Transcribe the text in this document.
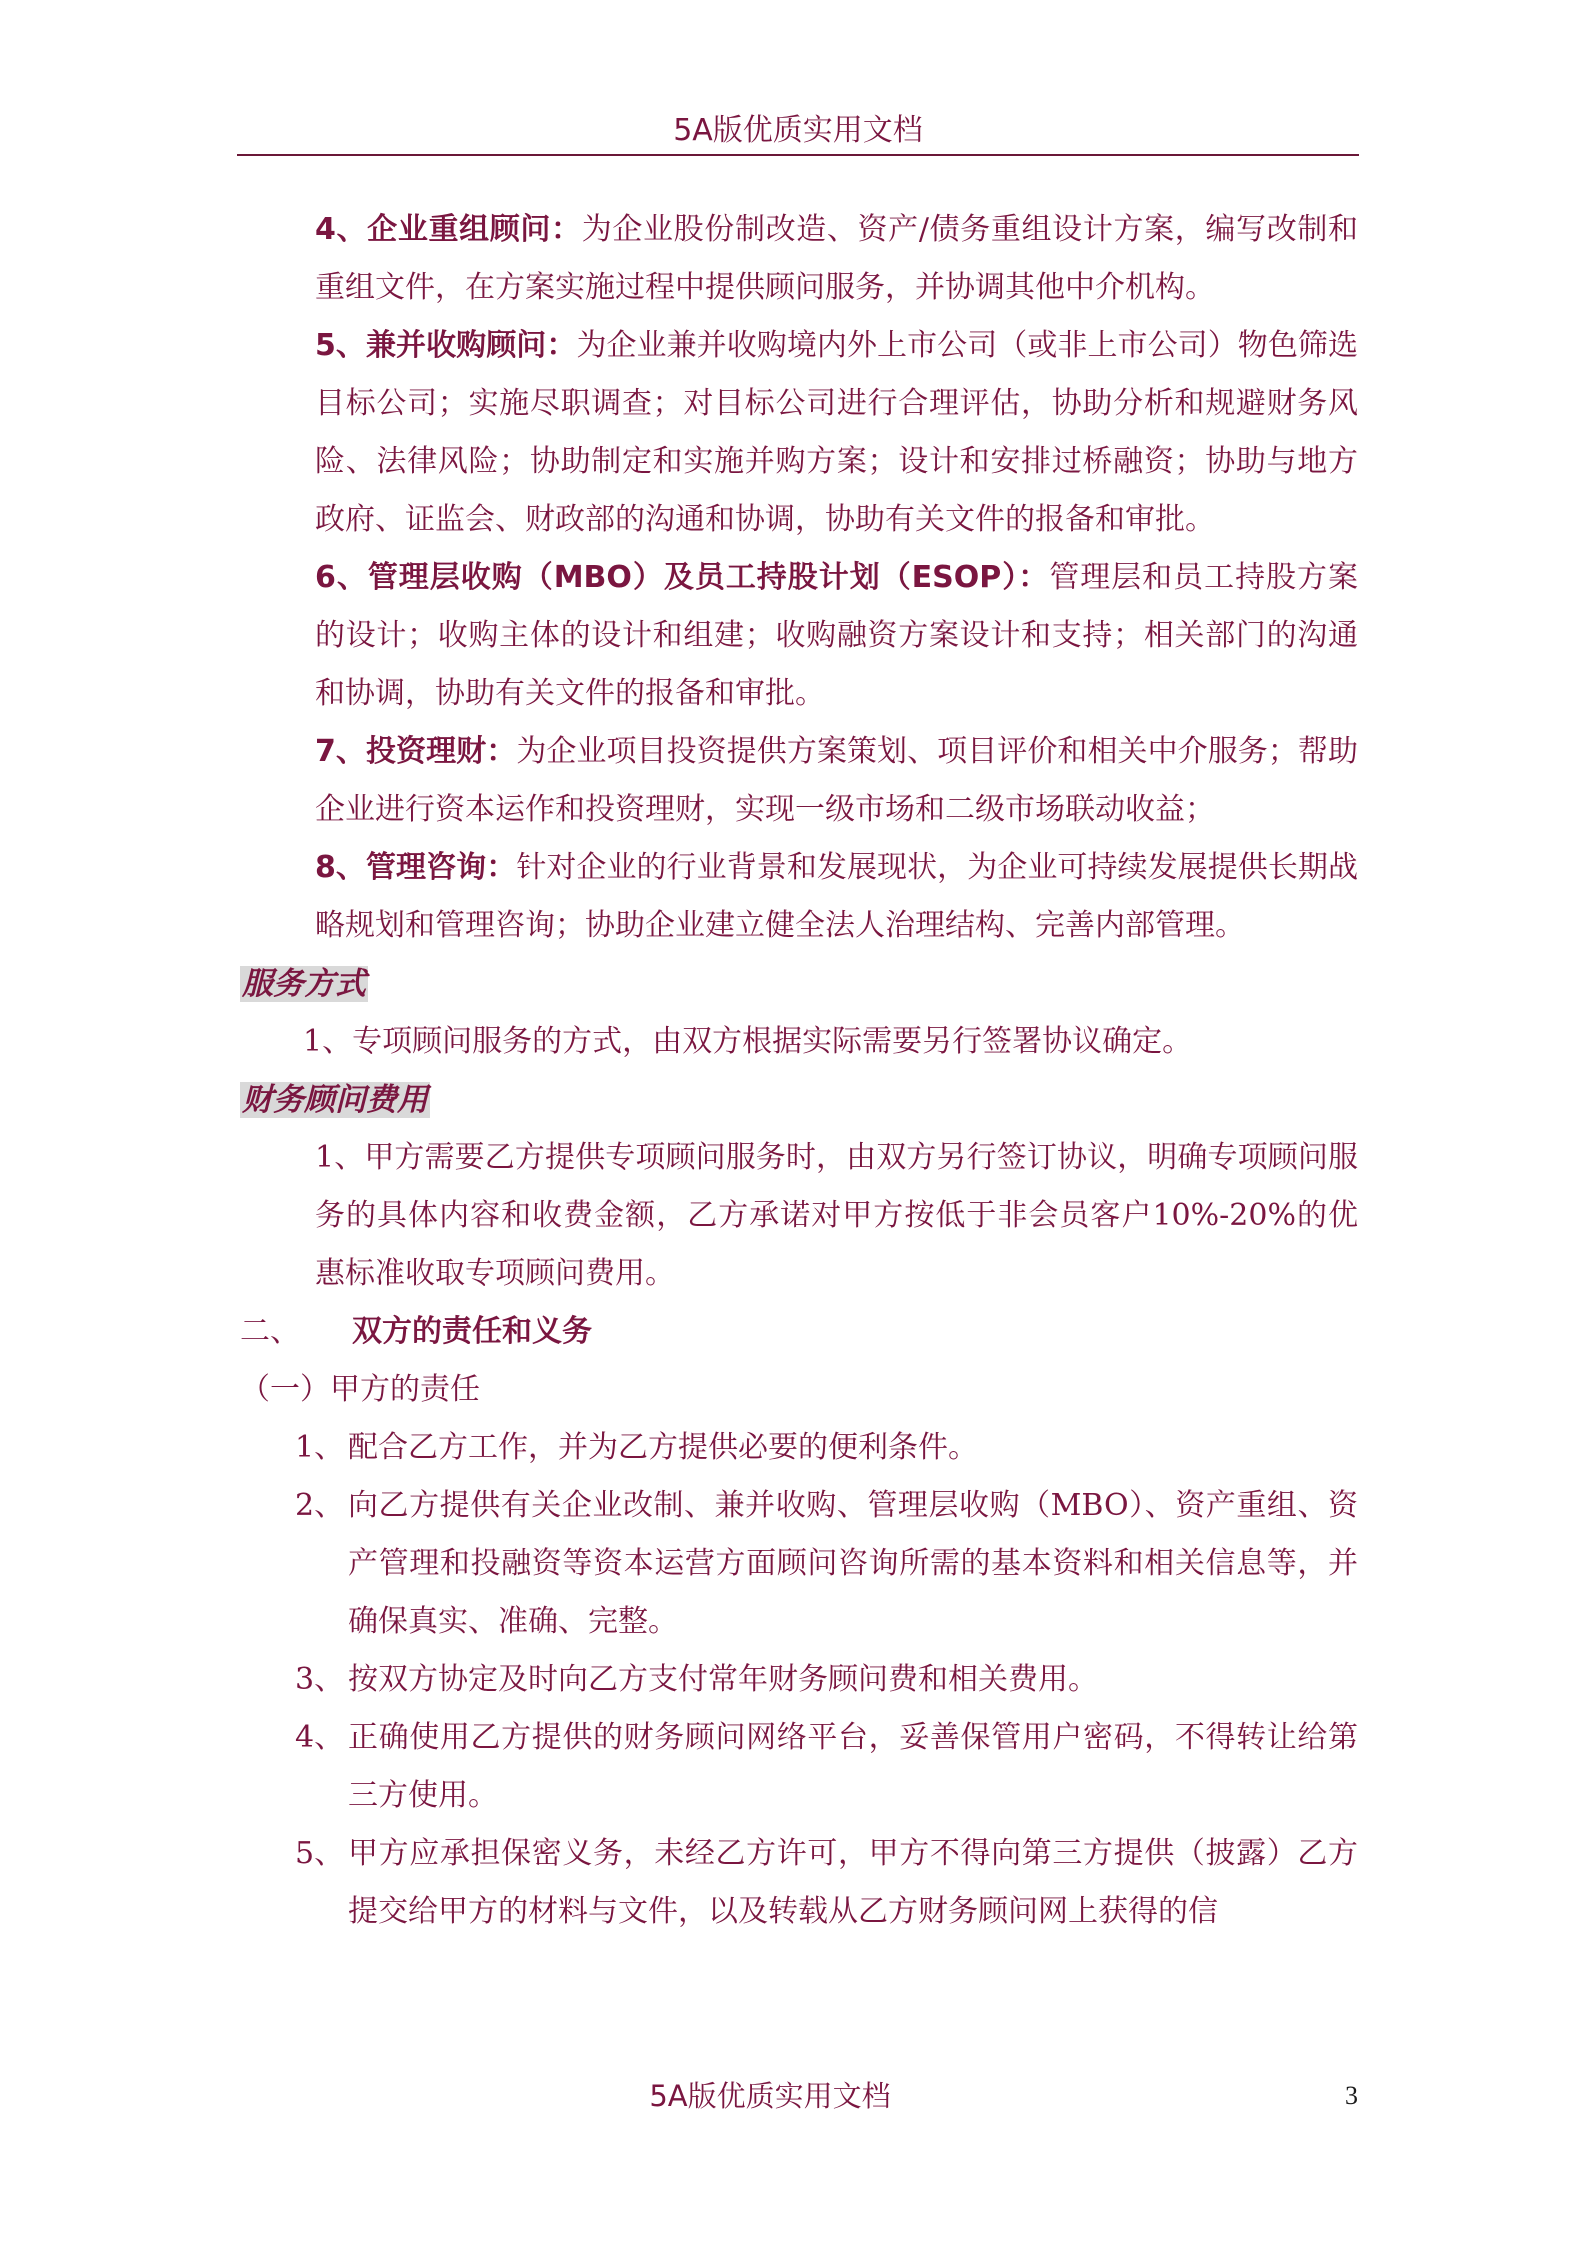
5A版优质实用文档

4、企业重组顾问：为企业股份制改造、资产/债务重组设计方案，编写改制和重组文件，在方案实施过程中提供顾问服务，并协调其他中介机构。

5、兼并收购顾问：为企业兼并收购境内外上市公司（或非上市公司）物色筛选目标公司；实施尽职调查；对目标公司进行合理评估，协助分析和规避财务风险、法律风险；协助制定和实施并购方案；设计和安排过桥融资；协助与地方政府、证监会、财政部的沟通和协调，协助有关文件的报备和审批。

6、管理层收购（MBO）及员工持股计划（ESOP）：管理层和员工持股方案的设计；收购主体的设计和组建；收购融资方案设计和支持；相关部门的沟通和协调，协助有关文件的报备和审批。

7、投资理财：为企业项目投资提供方案策划、项目评价和相关中介服务；帮助企业进行资本运作和投资理财，实现一级市场和二级市场联动收益；

8、管理咨询：针对企业的行业背景和发展现状，为企业可持续发展提供长期战略规划和管理咨询；协助企业建立健全法人治理结构、完善内部管理。

服务方式

1、专项顾问服务的方式，由双方根据实际需要另行签署协议确定。

财务顾问费用

1、甲方需要乙方提供专项顾问服务时，由双方另行签订协议，明确专项顾问服务的具体内容和收费金额，乙方承诺对甲方按低于非会员客户10%-20%的优惠标准收取专项顾问费用。

二、 双方的责任和义务

（一）甲方的责任

1、 配合乙方工作，并为乙方提供必要的便利条件。

2、 向乙方提供有关企业改制、兼并收购、管理层收购（MBO）、资产重组、资产管理和投融资等资本运营方面顾问咨询所需的基本资料和相关信息等，并确保真实、准确、完整。

3、 按双方协定及时向乙方支付常年财务顾问费和相关费用。

4、 正确使用乙方提供的财务顾问网络平台，妥善保管用户密码，不得转让给第三方使用。

5、 甲方应承担保密义务，未经乙方许可，甲方不得向第三方提供（披露）乙方提交给甲方的材料与文件，以及转载从乙方财务顾问网上获得的信

5A版优质实用文档	3
